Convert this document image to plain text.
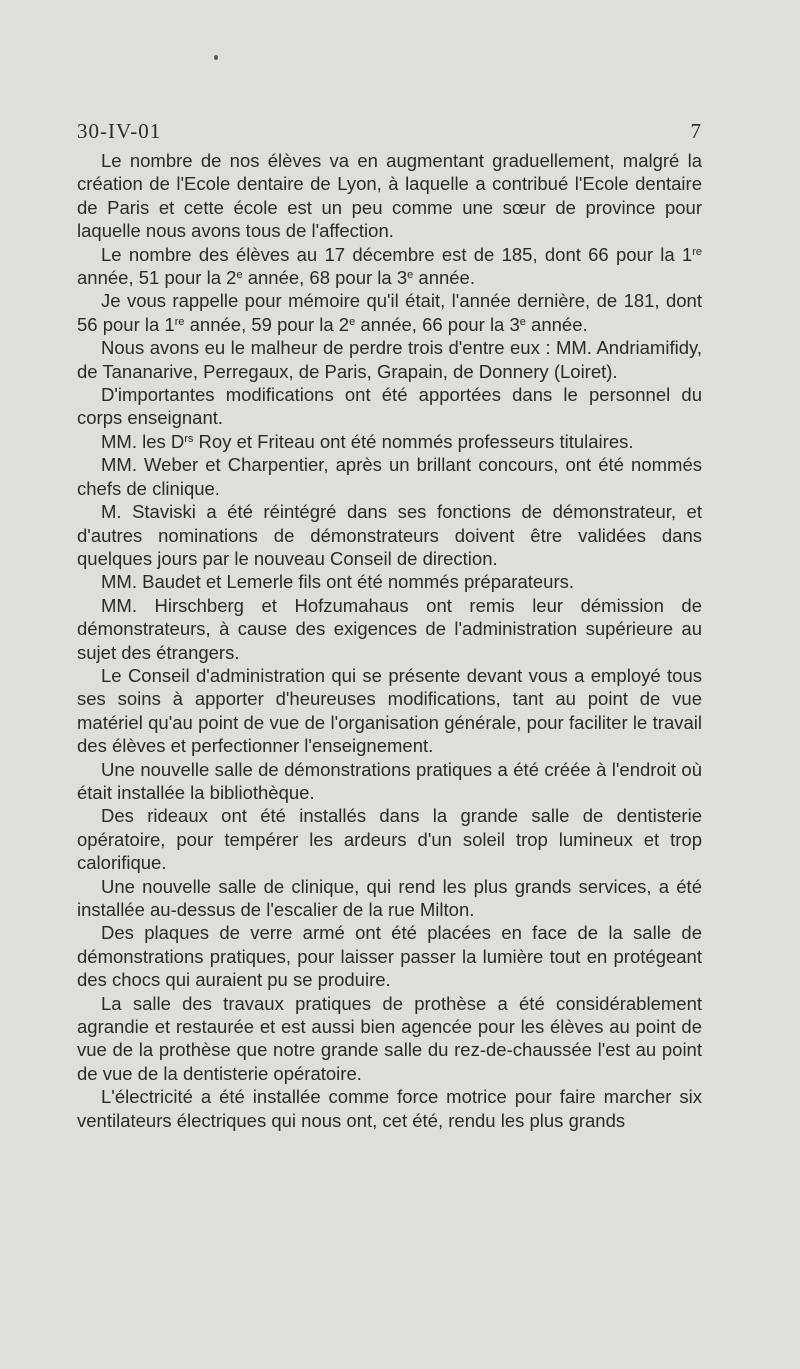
30-IV-01	7

Le nombre de nos élèves va en augmentant graduellement, malgré la création de l'Ecole dentaire de Lyon, à laquelle a contribué l'Ecole dentaire de Paris et cette école est un peu comme une sœur de province pour laquelle nous avons tous de l'affection.

Le nombre des élèves au 17 décembre est de 185, dont 66 pour la 1re année, 51 pour la 2e année, 68 pour la 3e année.

Je vous rappelle pour mémoire qu'il était, l'année dernière, de 181, dont 56 pour la 1re année, 59 pour la 2e année, 66 pour la 3e année.

Nous avons eu le malheur de perdre trois d'entre eux : MM. Andriamifidy, de Tananarive, Perregaux, de Paris, Grapain, de Donnery (Loiret).

D'importantes modifications ont été apportées dans le personnel du corps enseignant.

MM. les $D^{rs}$ Roy et Friteau ont été nommés professeurs titulaires.

MM. Weber et Charpentier, après un brillant concours, ont été nommés chefs de clinique.

M. Staviski a été réintégré dans ses fonctions de démonstrateur, et d'autres nominations de démonstrateurs doivent être validées dans quelques jours par le nouveau Conseil de direction.

MM. Baudet et Lemerle fils ont été nommés préparateurs.

MM. Hirschberg et Hofzumahaus ont remis leur démission de démonstrateurs, à cause des exigences de l'administration supérieure au sujet des étrangers.

Le Conseil d'administration qui se présente devant vous a employé tous ses soins à apporter d'heureuses modifications, tant au point de vue matériel qu'au point de vue de l'organisation générale, pour faciliter le travail des élèves et perfectionner l'enseignement.

Une nouvelle salle de démonstrations pratiques a été créée à l'endroit où était installée la bibliothèque.

Des rideaux ont été installés dans la grande salle de dentisterie opératoire, pour tempérer les ardeurs d'un soleil trop lumineux et trop calorifique.

Une nouvelle salle de clinique, qui rend les plus grands services, a été installée au-dessus de l'escalier de la rue Milton.

Des plaques de verre armé ont été placées en face de la salle de démonstrations pratiques, pour laisser passer la lumière tout en protégeant des chocs qui auraient pu se produire.

La salle des travaux pratiques de prothèse a été considérablement agrandie et restaurée et est aussi bien agencée pour les élèves au point de vue de la prothèse que notre grande salle du rez-de-chaussée l'est au point de vue de la dentisterie opératoire.

L'électricité a été installée comme force motrice pour faire marcher six ventilateurs électriques qui nous ont, cet été, rendu les plus grands
